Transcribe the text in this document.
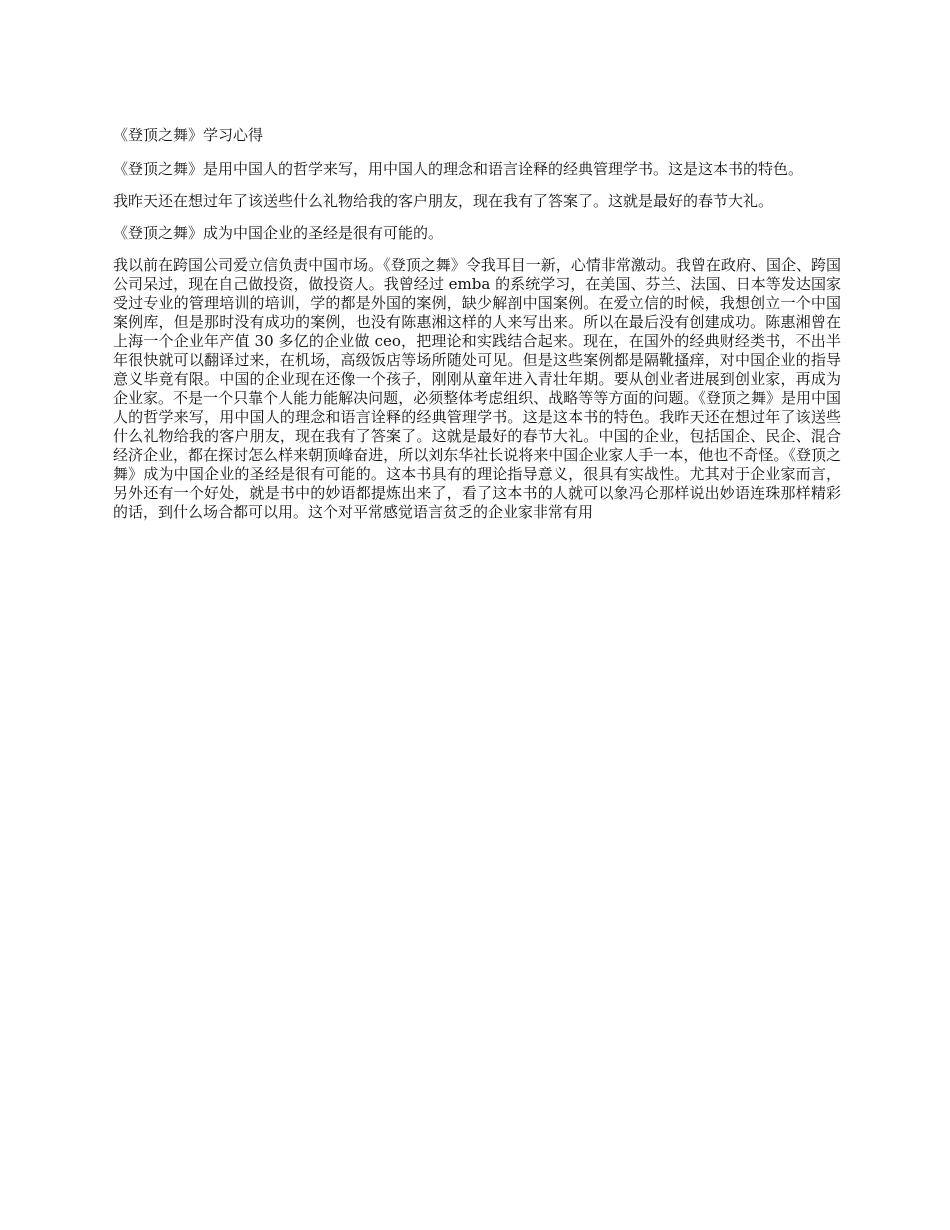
《登顶之舞》学习心得

《登顶之舞》是用中国人的哲学来写，用中国人的理念和语言诠释的经典管理学书。这是这本书的特色。

我昨天还在想过年了该送些什么礼物给我的客户朋友，现在我有了答案了。这就是最好的春节大礼。

《登顶之舞》成为中国企业的圣经是很有可能的。

我以前在跨国公司爱立信负责中国市场。《登顶之舞》令我耳目一新，心情非常激动。我曾在政府、国企、跨国公司呆过，现在自己做投资，做投资人。我曾经过 emba 的系统学习，在美国、芬兰、法国、日本等发达国家受过专业的管理培训的培训，学的都是外国的案例，缺少解剖中国案例。在爱立信的时候，我想创立一个中国案例库，但是那时没有成功的案例，也没有陈惠湘这样的人来写出来。所以在最后没有创建成功。陈惠湘曾在上海一个企业年产值 30 多亿的企业做 ceo，把理论和实践结合起来。现在，在国外的经典财经类书，不出半年很快就可以翻译过来，在机场，高级饭店等场所随处可见。但是这些案例都是隔靴搔痒，对中国企业的指导意义毕竟有限。中国的企业现在还像一个孩子，刚刚从童年进入青壮年期。要从创业者进展到创业家，再成为企业家。不是一个只靠个人能力能解决问题，必须整体考虑组织、战略等等方面的问题。《登顶之舞》是用中国人的哲学来写，用中国人的理念和语言诠释的经典管理学书。这是这本书的特色。我昨天还在想过年了该送些什么礼物给我的客户朋友，现在我有了答案了。这就是最好的春节大礼。中国的企业，包括国企、民企、混合经济企业，都在探讨怎么样来朝顶峰奋进，所以刘东华社长说将来中国企业家人手一本，他也不奇怪。《登顶之舞》成为中国企业的圣经是很有可能的。这本书具有的理论指导意义，很具有实战性。尤其对于企业家而言，另外还有一个好处，就是书中的妙语都提炼出来了，看了这本书的人就可以象冯仑那样说出妙语连珠那样精彩的话，到什么场合都可以用。这个对平常感觉语言贫乏的企业家非常有用
